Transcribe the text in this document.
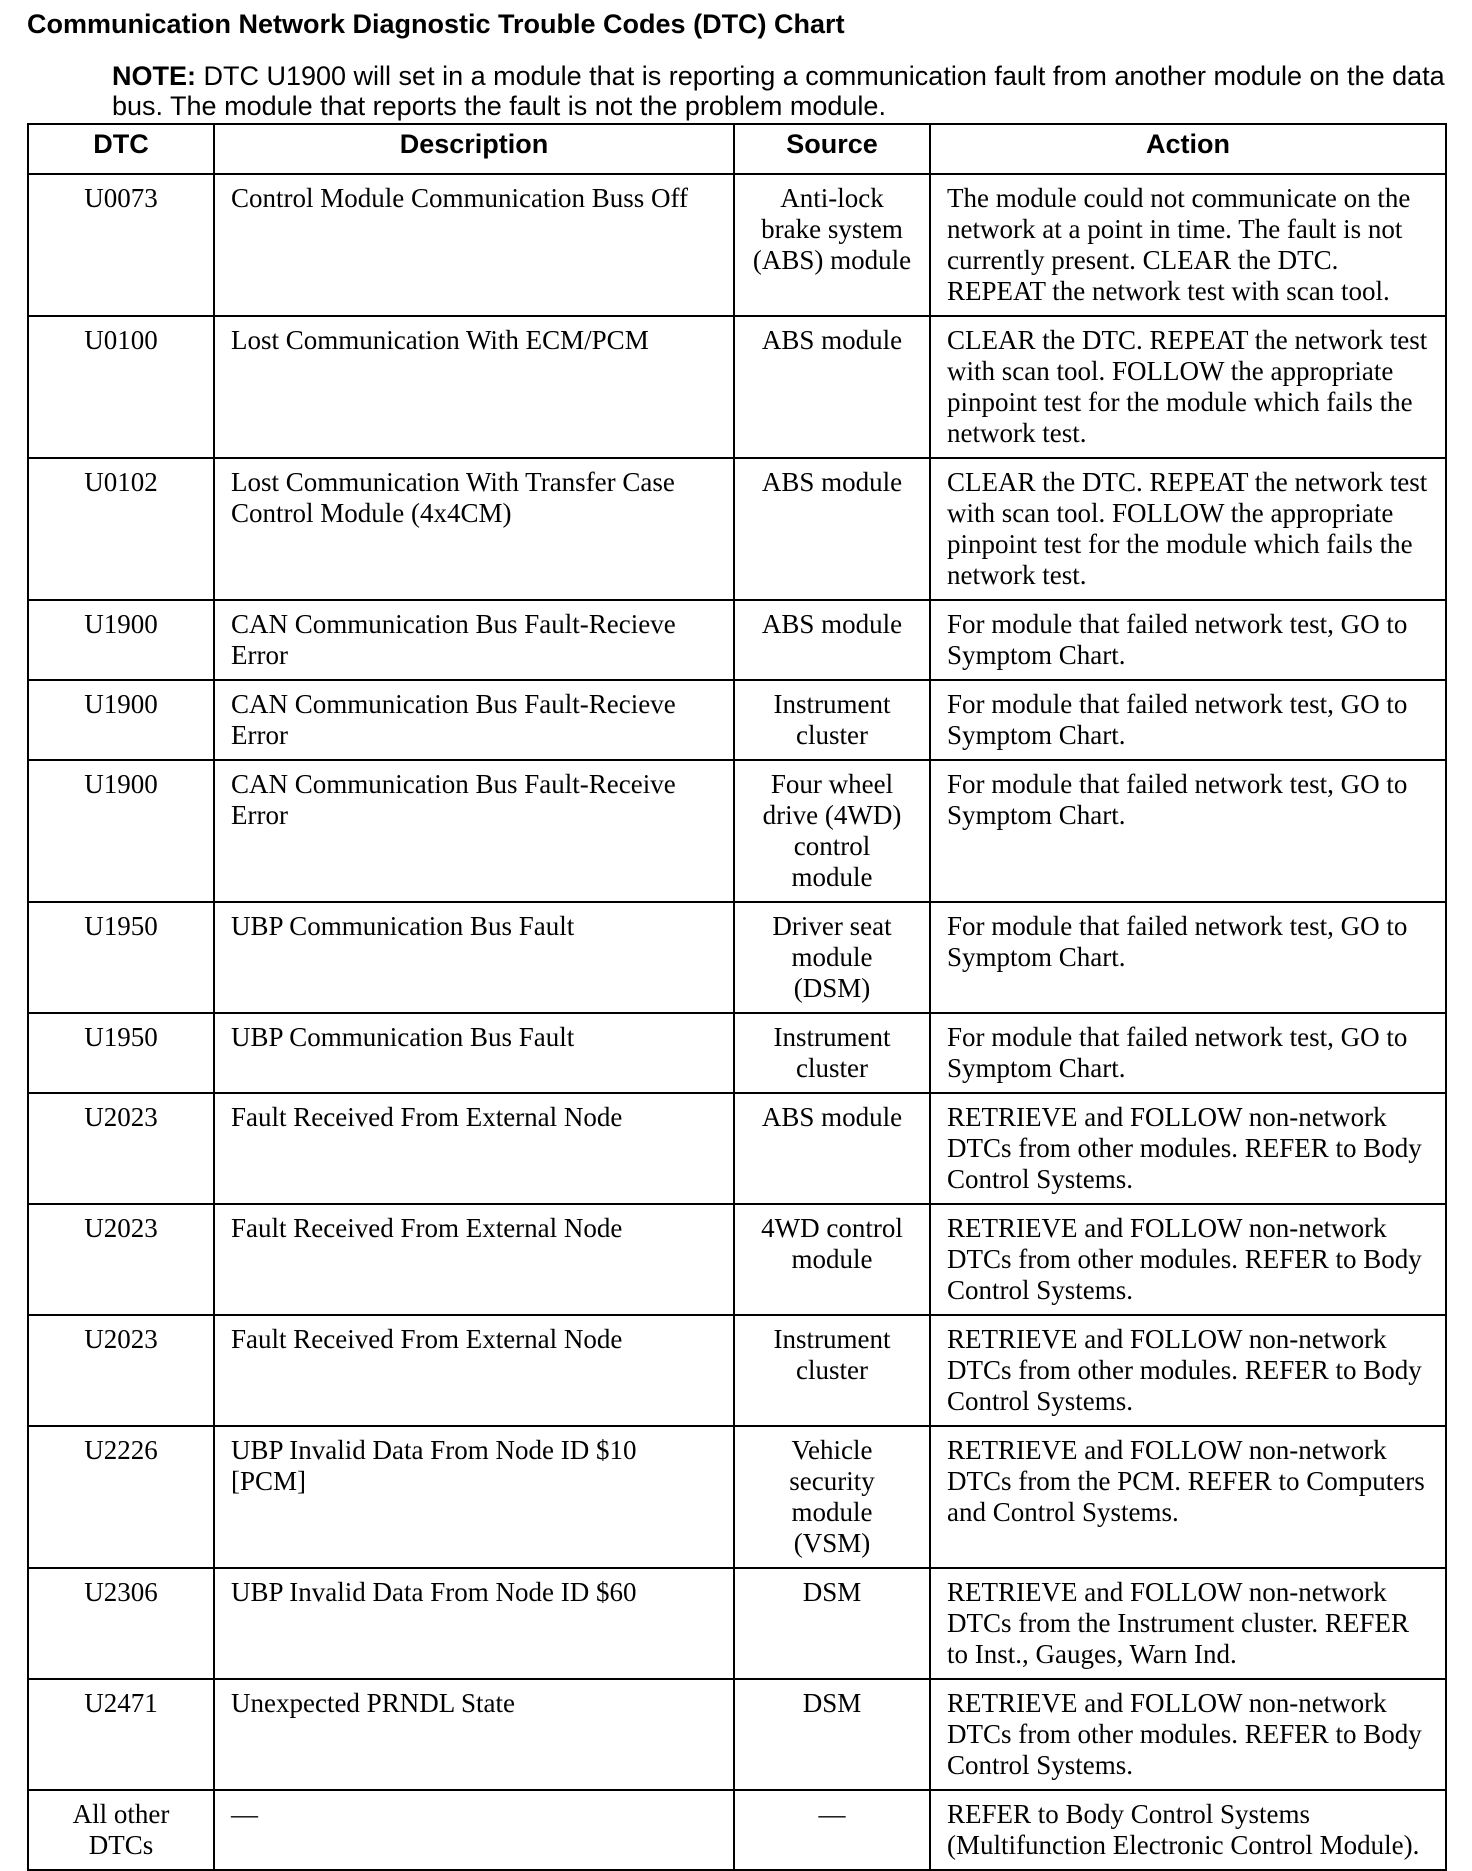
Communication Network Diagnostic Trouble Codes (DTC) Chart
NOTE: DTC U1900 will set in a module that is reporting a communication fault from another module on the data bus. The module that reports the fault is not the problem module.
DTC	Description	Source	Action
U0073	Control Module Communication Buss Off	Anti-lock brake system (ABS) module	The module could not communicate on the network at a point in time. The fault is not currently present. CLEAR the DTC. REPEAT the network test with scan tool.
U0100	Lost Communication With ECM/PCM	ABS module	CLEAR the DTC. REPEAT the network test with scan tool. FOLLOW the appropriate pinpoint test for the module which fails the network test.
U0102	Lost Communication With Transfer Case Control Module (4x4CM)	ABS module	CLEAR the DTC. REPEAT the network test with scan tool. FOLLOW the appropriate pinpoint test for the module which fails the network test.
U1900	CAN Communication Bus Fault-Recieve Error	ABS module	For module that failed network test, GO to Symptom Chart.
U1900	CAN Communication Bus Fault-Recieve Error	Instrument cluster	For module that failed network test, GO to Symptom Chart.
U1900	CAN Communication Bus Fault-Receive Error	Four wheel drive (4WD) control module	For module that failed network test, GO to Symptom Chart.
U1950	UBP Communication Bus Fault	Driver seat module (DSM)	For module that failed network test, GO to Symptom Chart.
U1950	UBP Communication Bus Fault	Instrument cluster	For module that failed network test, GO to Symptom Chart.
U2023	Fault Received From External Node	ABS module	RETRIEVE and FOLLOW non-network DTCs from other modules. REFER to Body Control Systems.
U2023	Fault Received From External Node	4WD control module	RETRIEVE and FOLLOW non-network DTCs from other modules. REFER to Body Control Systems.
U2023	Fault Received From External Node	Instrument cluster	RETRIEVE and FOLLOW non-network DTCs from other modules. REFER to Body Control Systems.
U2226	UBP Invalid Data From Node ID $10 [PCM]	Vehicle security module (VSM)	RETRIEVE and FOLLOW non-network DTCs from the PCM. REFER to Computers and Control Systems.
U2306	UBP Invalid Data From Node ID $60	DSM	RETRIEVE and FOLLOW non-network DTCs from the Instrument cluster. REFER to Inst., Gauges, Warn Ind.
U2471	Unexpected PRNDL State	DSM	RETRIEVE and FOLLOW non-network DTCs from other modules. REFER to Body Control Systems.
All other DTCs	—	—	REFER to Body Control Systems (Multifunction Electronic Control Module).
